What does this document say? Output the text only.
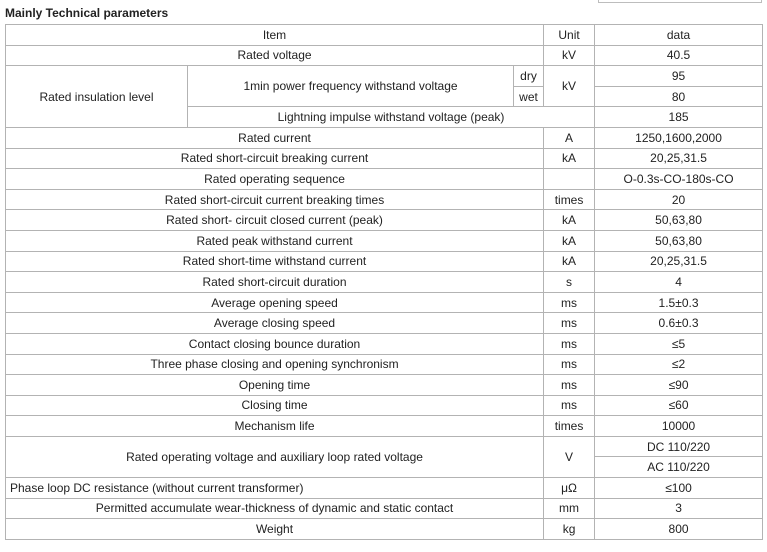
Mainly Technical parameters
Item			Unit	data
Rated voltage			kV	40.5
Rated insulation level	1min power frequency withstand voltage	dry	kV	95
		wet		80
	Lightning impulse withstand voltage (peak)			185
Rated current			A	1250,1600,2000
Rated short-circuit breaking current			kA	20,25,31.5
Rated operating sequence				O-0.3s-CO-180s-CO
Rated short-circuit current breaking times			times	20
Rated short- circuit closed current (peak)			kA	50,63,80
Rated peak withstand current			kA	50,63,80
Rated short-time withstand current			kA	20,25,31.5
Rated short-circuit duration			s	4
Average opening speed			ms	1.5±0.3
Average closing speed			ms	0.6±0.3
Contact closing bounce duration			ms	≤5
Three phase closing and opening synchronism			ms	≤2
Opening time			ms	≤90
Closing time			ms	≤60
Mechanism life			times	10000
Rated operating voltage and auxiliary loop rated voltage			V	DC 110/220
				AC 110/220
Phase loop DC resistance (without current transformer)			μΩ	≤100
Permitted accumulate wear-thickness of dynamic and static contact			mm	3
Weight			kg	800
